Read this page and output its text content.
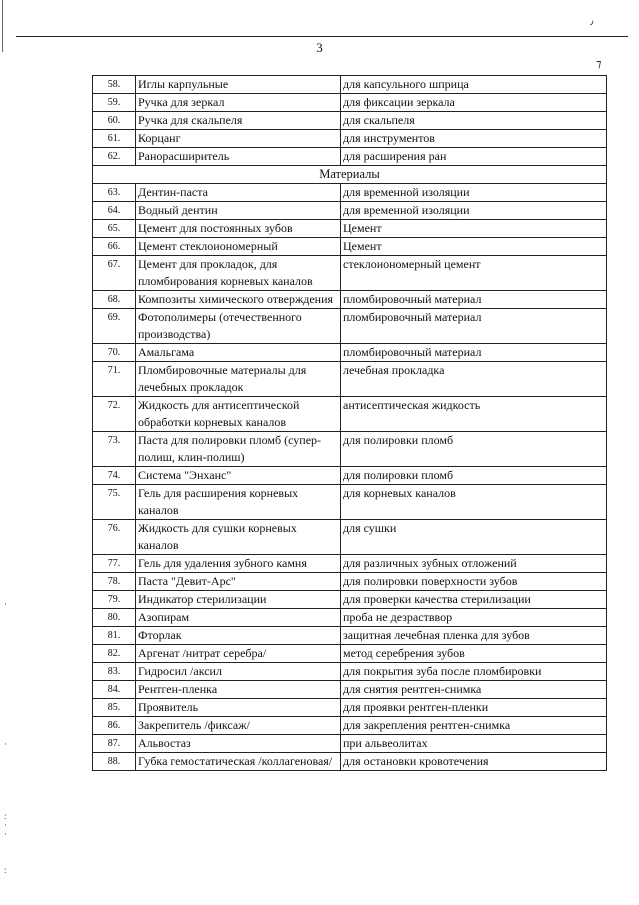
٫
3
⁊
·
·
:
·
·
:
58.	Иглы карпульные	для капсульного шприца
59.	Ручка для зеркал	для фиксации зеркала
60.	Ручка для скальпеля	для скальпеля
61.	Корцанг	для инструментов
62.	Ранорасширитель	для расширения ран
Материалы		
63.	Дентин-паста	для временной изоляции
64.	Водный дентин	для временной изоляции
65.	Цемент для постоянных зубов	Цемент
66.	Цемент стеклоиономерный	Цемент
67.	Цемент для прокладок, для пломбирования корневых каналов	стеклоиономерный цемент
68.	Композиты химического отверждения	пломбировочный материал
69.	Фотополимеры (отечественного производства)	пломбировочный материал
70.	Амальгама	пломбировочный материал
71.	Пломбировочные материалы для лечебных прокладок	лечебная прокладка
72.	Жидкость для антисептической обработки корневых каналов	антисептическая жидкость
73.	Паста для полировки пломб (супер-полиш, клин-полиш)	для полировки пломб
74.	Система "Энханс"	для полировки пломб
75.	Гель для расширения корневых каналов	для корневых каналов
76.	Жидкость для сушки корневых каналов	для сушки
77.	Гель для удаления зубного камня	для различных зубных отложений
78.	Паста "Девит-Арс"	для полировки поверхности зубов
79.	Индикатор стерилизации	для проверки качества стерилизации
80.	Азопирам	проба не дезрастввор
81.	Фторлак	защитная лечебная пленка для зубов
82.	Аргенат /нитрат серебра/	метод серебрения зубов
83.	Гидросил /аксил	для покрытия зуба после пломбировки
84.	Рентген-пленка	для снятия рентген-снимка
85.	Проявитель	для проявки рентген-пленки
86.	Закрепитель /фиксаж/	для закрепления рентген-снимка
87.	Альвостаз	при альвеолитах
88.	Губка гемостатическая /коллагеновая/	для остановки кровотечения
